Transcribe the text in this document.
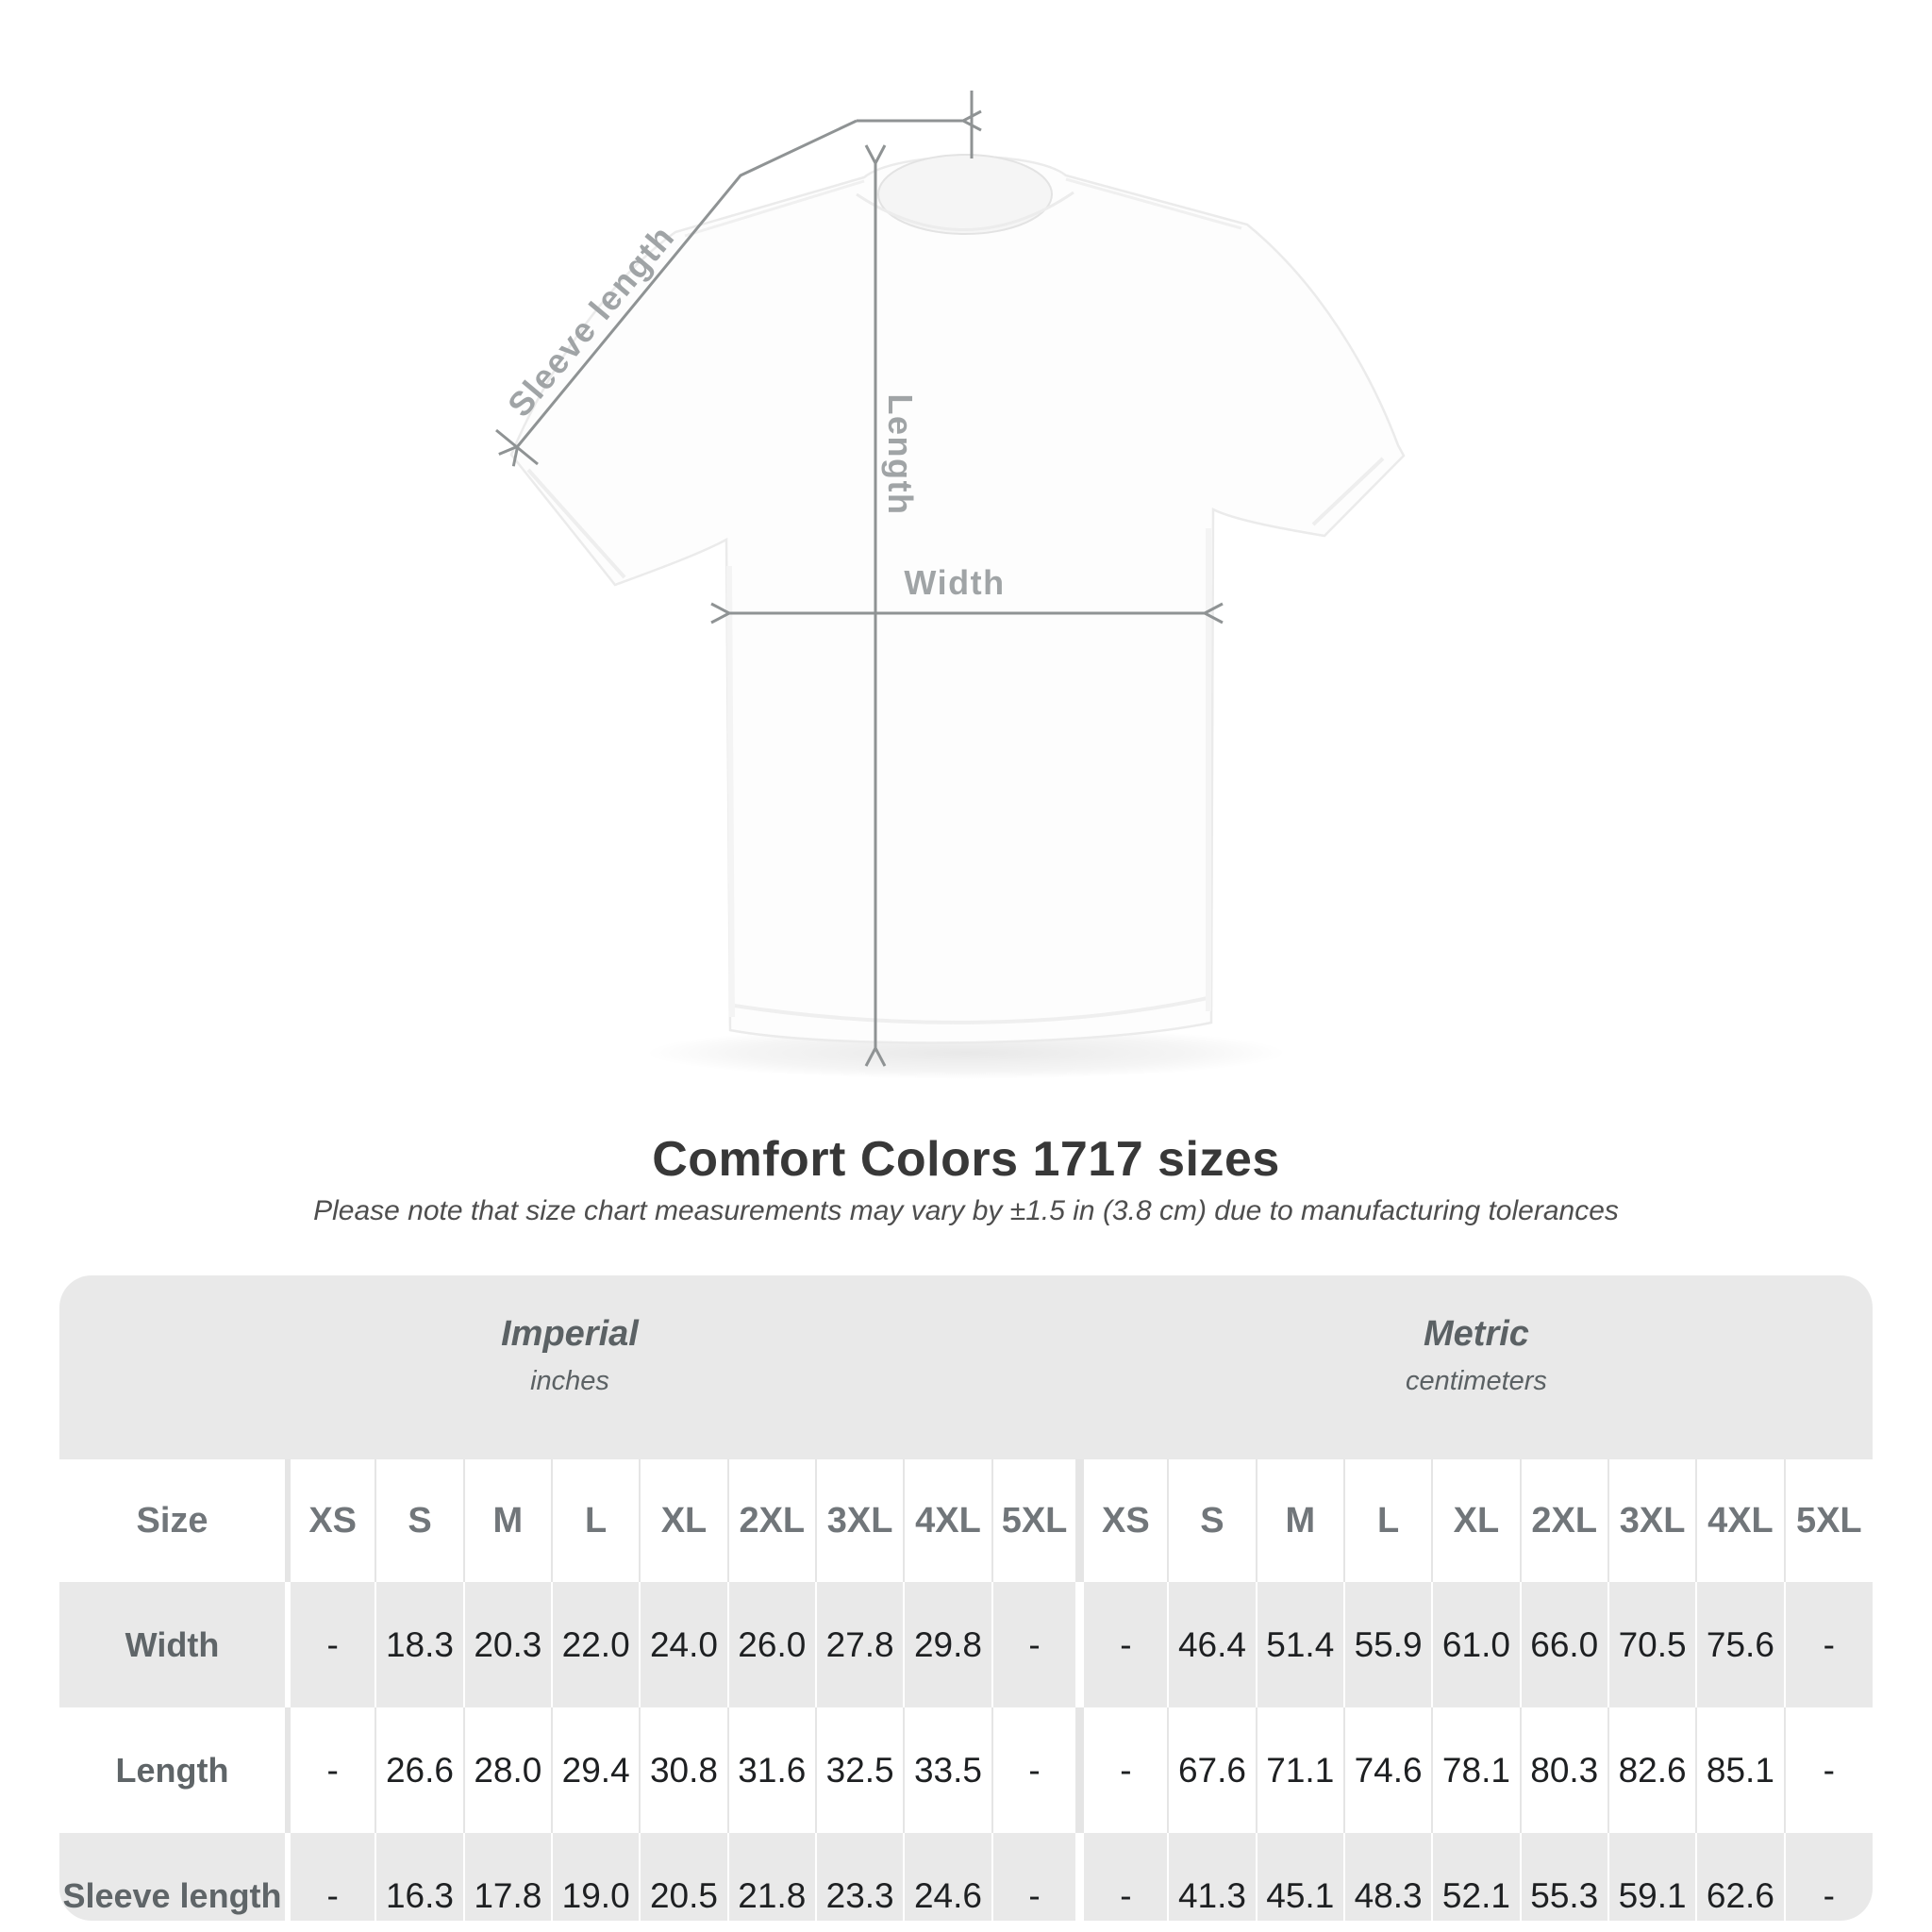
Sleeve length
Length
Width
Comfort Colors 1717 sizes

Please note that size chart measurements may vary by ±1.5 in (3.8 cm) due to manufacturing tolerances

Imperial
inches

Metric
centimeters

Size	XS	S	M	L	XL	2XL	3XL	4XL	5XL	XS	S	M	L	XL	2XL	3XL	4XL	5XL
Width	-	18.3	20.3	22.0	24.0	26.0	27.8	29.8	-	-	46.4	51.4	55.9	61.0	66.0	70.5	75.6	-
Length	-	26.6	28.0	29.4	30.8	31.6	32.5	33.5	-	-	67.6	71.1	74.6	78.1	80.3	82.6	85.1	-
Sleeve length	-	16.3	17.8	19.0	20.5	21.8	23.3	24.6	-	-	41.3	45.1	48.3	52.1	55.3	59.1	62.6	-
